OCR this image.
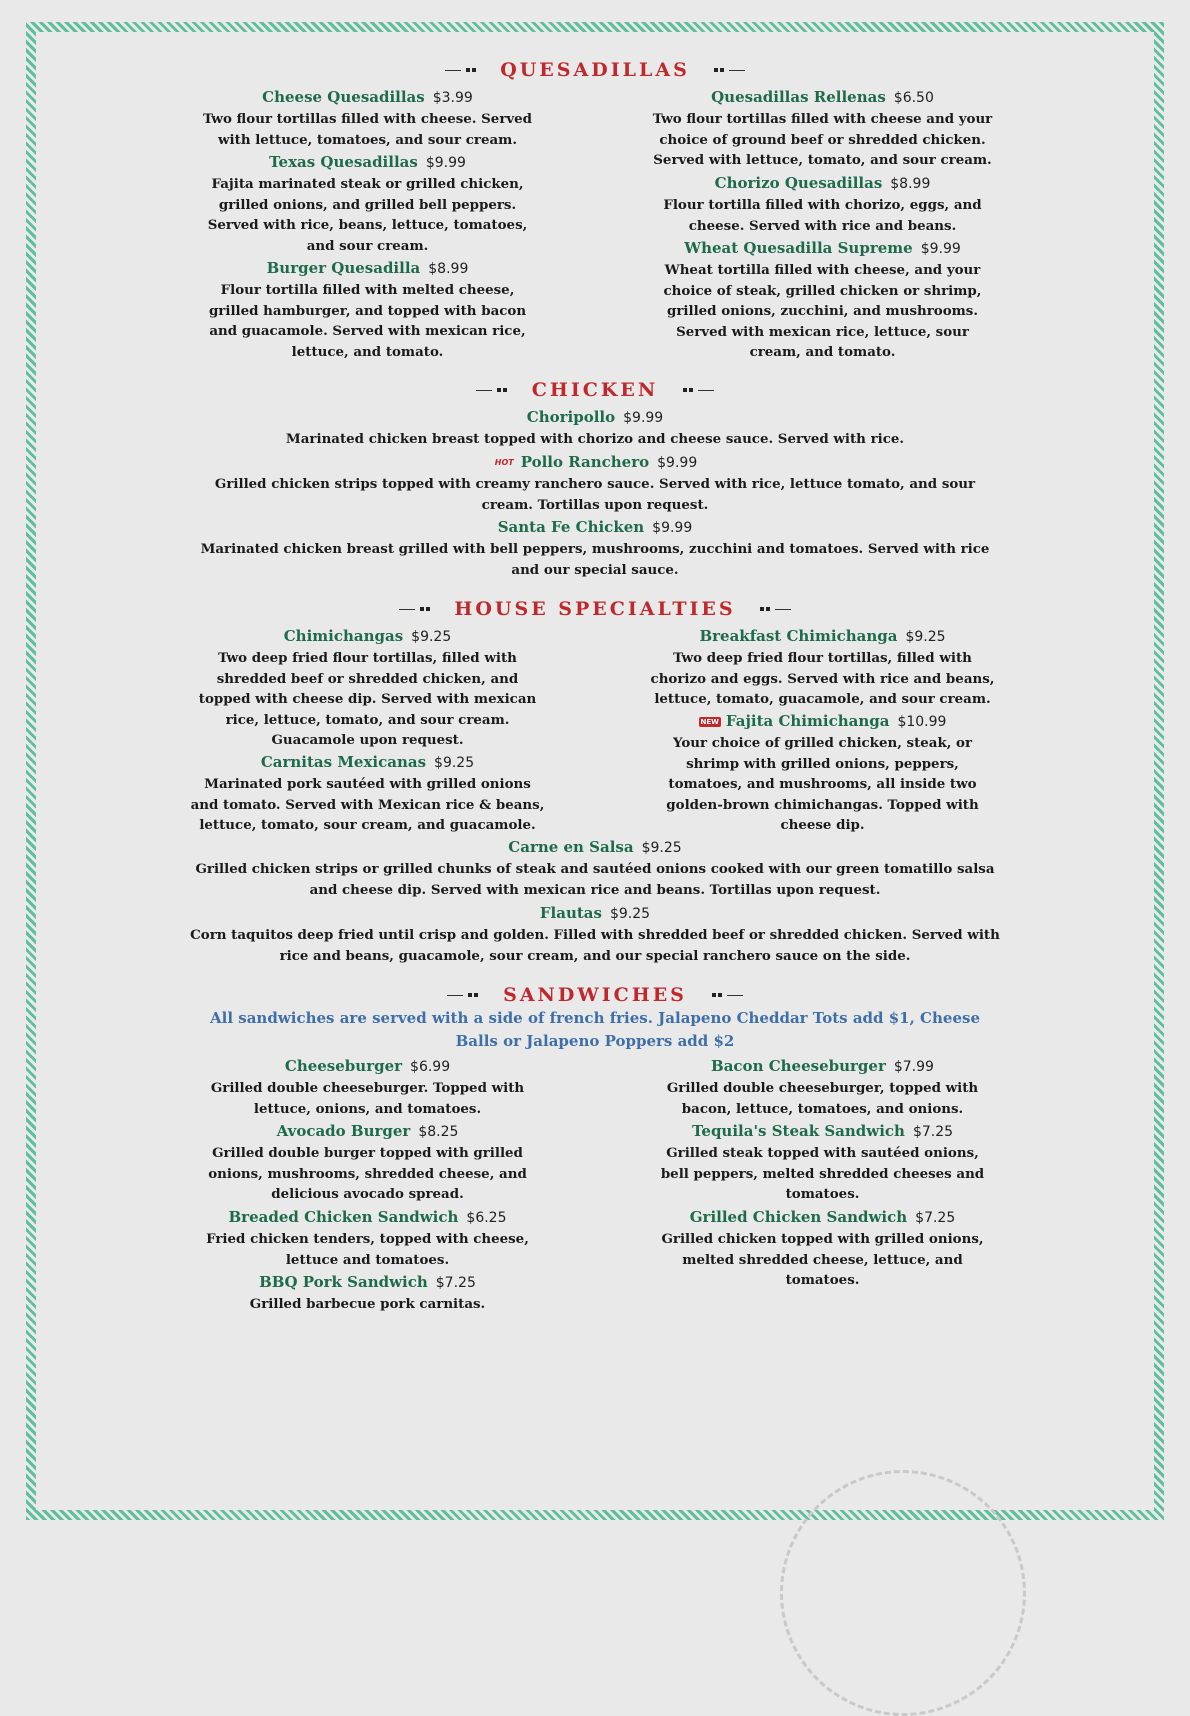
QUESADILLAS
Cheese Quesadillas $3.99
Two flour tortillas filled with cheese. Served with lettuce, tomatoes, and sour cream.
Texas Quesadillas $9.99
Fajita marinated steak or grilled chicken, grilled onions, and grilled bell peppers. Served with rice, beans, lettuce, tomatoes, and sour cream.
Burger Quesadilla $8.99
Flour tortilla filled with melted cheese, grilled hamburger, and topped with bacon and guacamole. Served with mexican rice, lettuce, and tomato.
Quesadillas Rellenas $6.50
Two flour tortillas filled with cheese and your choice of ground beef or shredded chicken. Served with lettuce, tomato, and sour cream.
Chorizo Quesadillas $8.99
Flour tortilla filled with chorizo, eggs, and cheese. Served with rice and beans.
Wheat Quesadilla Supreme $9.99
Wheat tortilla filled with cheese, and your choice of steak, grilled chicken or shrimp, grilled onions, zucchini, and mushrooms. Served with mexican rice, lettuce, sour cream, and tomato.
CHICKEN
Choripollo $9.99
Marinated chicken breast topped with chorizo and cheese sauce. Served with rice.
HOT Pollo Ranchero $9.99
Grilled chicken strips topped with creamy ranchero sauce. Served with rice, lettuce tomato, and sour cream. Tortillas upon request.
Santa Fe Chicken $9.99
Marinated chicken breast grilled with bell peppers, mushrooms, zucchini and tomatoes. Served with rice and our special sauce.
HOUSE SPECIALTIES
Chimichangas $9.25
Two deep fried flour tortillas, filled with shredded beef or shredded chicken, and topped with cheese dip. Served with mexican rice, lettuce, tomato, and sour cream. Guacamole upon request.
Carnitas Mexicanas $9.25
Marinated pork sautéed with grilled onions and tomato. Served with Mexican rice & beans, lettuce, tomato, sour cream, and guacamole.
Breakfast Chimichanga $9.25
Two deep fried flour tortillas, filled with chorizo and eggs. Served with rice and beans, lettuce, tomato, guacamole, and sour cream.
NEW Fajita Chimichanga $10.99
Your choice of grilled chicken, steak, or shrimp with grilled onions, peppers, tomatoes, and mushrooms, all inside two golden-brown chimichangas. Topped with cheese dip.
Carne en Salsa $9.25
Grilled chicken strips or grilled chunks of steak and sautéed onions cooked with our green tomatillo salsa and cheese dip. Served with mexican rice and beans. Tortillas upon request.
Flautas $9.25
Corn taquitos deep fried until crisp and golden. Filled with shredded beef or shredded chicken. Served with rice and beans, guacamole, sour cream, and our special ranchero sauce on the side.
SANDWICHES
All sandwiches are served with a side of french fries. Jalapeno Cheddar Tots add $1, Cheese Balls or Jalapeno Poppers add $2
Cheeseburger $6.99
Grilled double cheeseburger. Topped with lettuce, onions, and tomatoes.
Avocado Burger $8.25
Grilled double burger topped with grilled onions, mushrooms, shredded cheese, and delicious avocado spread.
Breaded Chicken Sandwich $6.25
Fried chicken tenders, topped with cheese, lettuce and tomatoes.
BBQ Pork Sandwich $7.25
Grilled barbecue pork carnitas.
Bacon Cheeseburger $7.99
Grilled double cheeseburger, topped with bacon, lettuce, tomatoes, and onions.
Tequila's Steak Sandwich $7.25
Grilled steak topped with sautéed onions, bell peppers, melted shredded cheeses and tomatoes.
Grilled Chicken Sandwich $7.25
Grilled chicken topped with grilled onions, melted shredded cheese, lettuce, and tomatoes.
